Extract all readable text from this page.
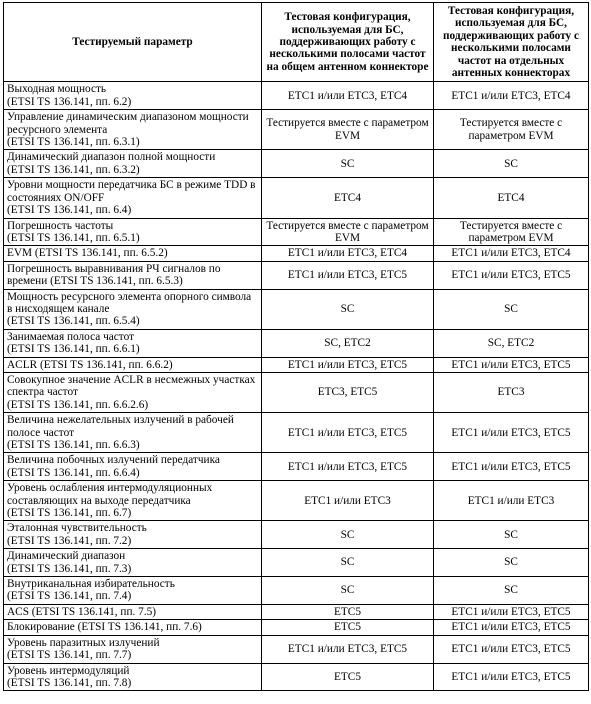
Тестируемый параметр	Тестовая конфигурация, используемая для БС, поддерживающих работу с несколькими полосами частот на общем антенном коннекторе	Тестовая конфигурация, используемая для БС, поддерживающих работу с несколькими полосами частот на отдельных антенных коннекторах
Выходная мощность
(ETSI TS 136.141, пп. 6.2)	ETC1 и/или ETC3, ETC4	ETC1 и/или ETC3, ETC4
Управление динамическим диапазоном мощности ресурсного элемента
(ETSI TS 136.141, пп. 6.3.1)	Тестируется вместе с параметром EVM	Тестируется вместе с параметром EVM
Динамический диапазон полной мощности
(ETSI TS 136.141, пп. 6.3.2)	SC	SC
Уровни мощности передатчика БС в режиме TDD в состояниях ON/OFF
(ETSI TS 136.141, пп. 6.4)	ETC4	ETC4
Погрешность частоты
(ETSI TS 136.141, пп. 6.5.1)	Тестируется вместе с параметром EVM	Тестируется вместе с параметром EVM
EVM (ETSI TS 136.141, пп. 6.5.2)	ETC1 и/или ETC3, ETC4	ETC1 и/или ETC3, ETC4
Погрешность выравнивания РЧ сигналов по времени (ETSI TS 136.141, пп. 6.5.3)	ETC1 и/или ETC3, ETC5	ETC1 и/или ETC3, ETC5
Мощность ресурсного элемента опорного символа в нисходящем канале
(ETSI TS 136.141, пп. 6.5.4)	SC	SC
Занимаемая полоса частот
(ETSI TS 136.141, пп. 6.6.1)	SC, ETC2	SC, ETC2
ACLR (ETSI TS 136.141, пп. 6.6.2)	ETC1 и/или ETC3, ETC5	ETC1 и/или ETC3, ETC5
Совокупное значение ACLR в несмежных участках спектра частот
(ETSI TS 136.141, пп. 6.6.2.6)	ETC3, ETC5	ETC3
Величина нежелательных излучений в рабочей полосе частот
(ETSI TS 136.141, пп. 6.6.3)	ETC1 и/или ETC3, ETC5	ETC1 и/или ETC3, ETC5
Величина побочных излучений передатчика
(ETSI TS 136.141, пп. 6.6.4)	ETC1 и/или ETC3, ETC5	ETC1 и/или ETC3, ETC5
Уровень ослабления интермодуляционных составляющих на выходе передатчика
(ETSI TS 136.141, пп. 6.7)	ETC1 и/или ETC3	ETC1 и/или ETC3
Эталонная чувствительность
(ETSI TS 136.141, пп. 7.2)	SC	SC
Динамический диапазон
(ETSI TS 136.141, пп. 7.3)	SC	SC
Внутриканальная избирательность
(ETSI TS 136.141, пп. 7.4)	SC	SC
ACS (ETSI TS 136.141, пп. 7.5)	ETC5	ETC1 и/или ETC3, ETC5
Блокирование (ETSI TS 136.141, пп. 7.6)	ETC5	ETC1 и/или ETC3, ETC5
Уровень паразитных излучений
(ETSI TS 136.141, пп. 7.7)	ETC1 и/или ETC3, ETC5	ETC1 и/или ETC3, ETC5
Уровень интермодуляций
(ETSI TS 136.141, пп. 7.8)	ETC5	ETC1 и/или ETC3, ETC5
